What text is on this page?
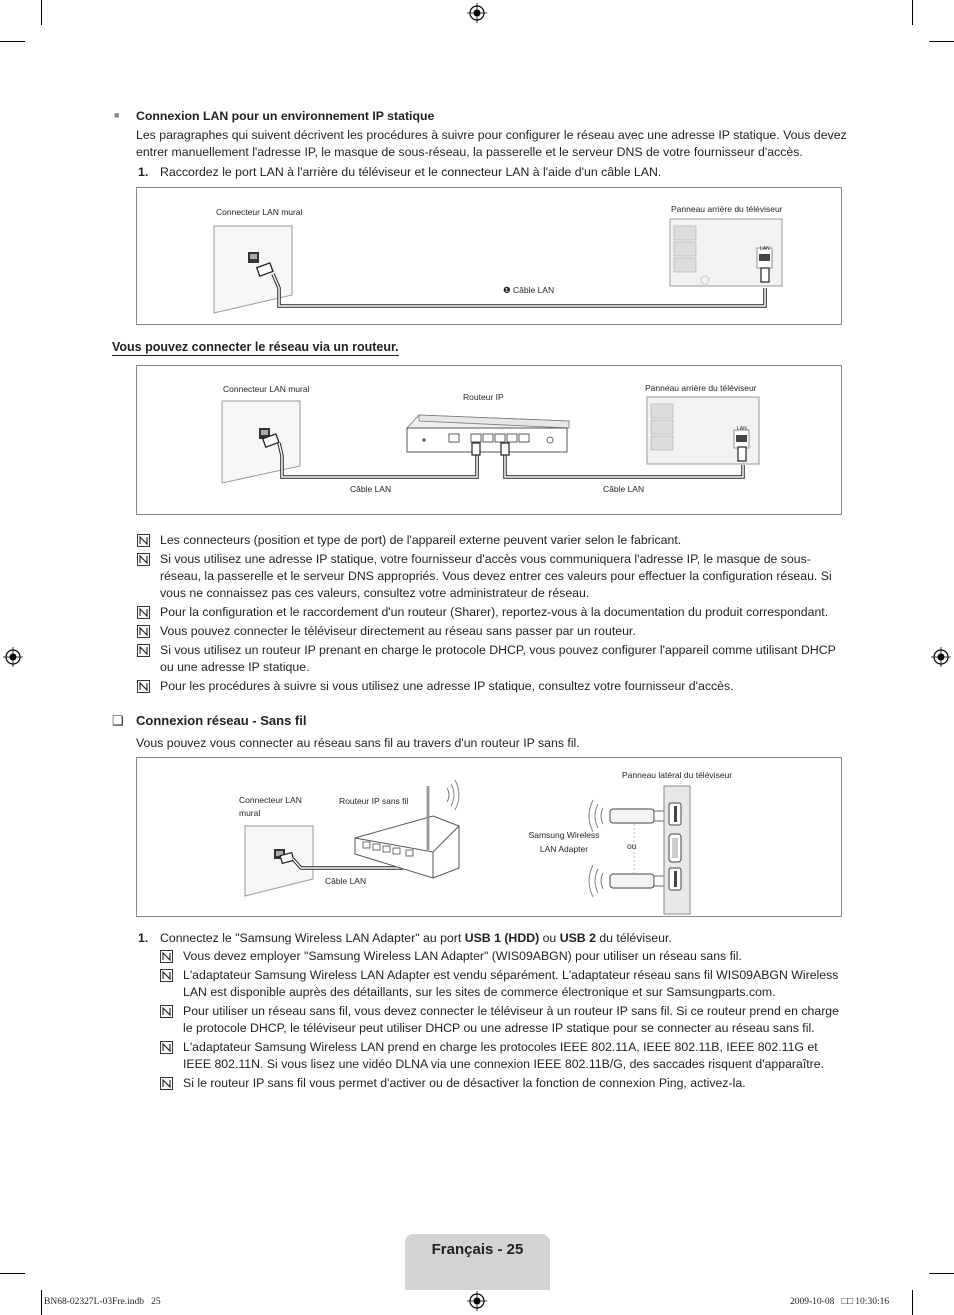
■ Connexion LAN pour un environnement IP statique
Les paragraphes qui suivent décrivent les procédures à suivre pour configurer le réseau avec une adresse IP statique. Vous devez
entrer manuellement l'adresse IP, le masque de sous-réseau, la passerelle et le serveur DNS de votre fournisseur d'accès.
1. Raccordez le port LAN à l'arrière du téléviseur et le connecteur LAN à l'aide d'un câble LAN.
Connecteur LAN mural	Panneau arrière du téléviseur
❶ Câble LAN
LAN
Vous pouvez connecter le réseau via un routeur.
Connecteur LAN mural
Routeur IP
Panneau arrière du téléviseur
Câble LAN	Câble LAN
LAN
Les connecteurs (position et type de port) de l'appareil externe peuvent varier selon le fabricant.
Si vous utilisez une adresse IP statique, votre fournisseur d'accès vous communiquera l'adresse IP, le masque de sous-
réseau, la passerelle et le serveur DNS appropriés. Vous devez entrer ces valeurs pour effectuer la configuration réseau. Si
vous ne connaissez pas ces valeurs, consultez votre administrateur de réseau.
Pour la configuration et le raccordement d'un routeur (Sharer), reportez-vous à la documentation du produit correspondant.
Vous pouvez connecter le téléviseur directement au réseau sans passer par un routeur.
Si vous utilisez un routeur IP prenant en charge le protocole DHCP, vous pouvez configurer l'appareil comme utilisant DHCP
ou une adresse IP statique.
Pour les procédures à suivre si vous utilisez une adresse IP statique, consultez votre fournisseur d'accès.
❑ Connexion réseau - Sans fil
Vous pouvez vous connecter au réseau sans fil au travers d'un routeur IP sans fil.
Connecteur LAN
mural
Routeur IP sans fil
Câble LAN
Samsung Wireless
LAN Adapter	ou
Panneau latéral du téléviseur
1. Connectez le "Samsung Wireless LAN Adapter" au port USB 1 (HDD) ou USB 2 du téléviseur.
Vous devez employer "Samsung Wireless LAN Adapter" (WIS09ABGN) pour utiliser un réseau sans fil.
L'adaptateur Samsung Wireless LAN Adapter est vendu séparément. L'adaptateur réseau sans fil WIS09ABGN Wireless
LAN est disponible auprès des détaillants, sur les sites de commerce électronique et sur Samsungparts.com.
Pour utiliser un réseau sans fil, vous devez connecter le téléviseur à un routeur IP sans fil. Si ce routeur prend en charge
le protocole DHCP, le téléviseur peut utiliser DHCP ou une adresse IP statique pour se connecter au réseau sans fil.
L'adaptateur Samsung Wireless LAN prend en charge les protocoles IEEE 802.11A, IEEE 802.11B, IEEE 802.11G et
IEEE 802.11N. Si vous lisez une vidéo DLNA via une connexion IEEE 802.11B/G, des saccades risquent d'apparaître.
Si le routeur IP sans fil vous permet d'activer ou de désactiver la fonction de connexion Ping, activez-la.
Français - 25
BN68-02327L-03Fre.indb   25	2009-10-08   □□ 10:30:16
